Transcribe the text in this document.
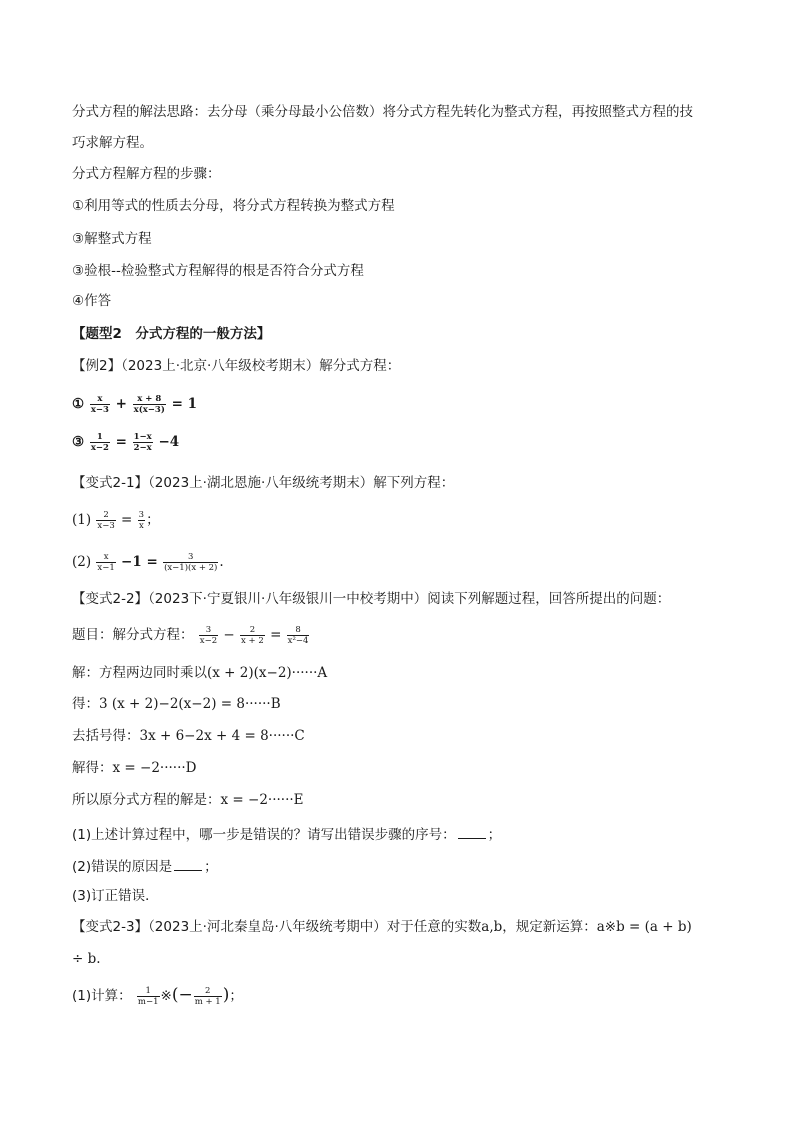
分式方程的解法思路：去分母（乘分母最小公倍数）将分式方程先转化为整式方程，再按照整式方程的技
巧求解方程。
分式方程解方程的步骤：
①利用等式的性质去分母，将分式方程转换为整式方程
③解整式方程
③验根--检验整式方程解得的根是否符合分式方程
④作答
【题型2　分式方程的一般方法】
【例2】（2023上·北京·八年级校考期末）解分式方程：
① $\frac{x}{x-3} + \frac{x + 8}{x(x-3)} = 1$
③ $\frac{1}{x-2} = \frac{1-x}{2-x} -4$
【变式2-1】（2023上·湖北恩施·八年级统考期末）解下列方程：
$(1) \frac{2}{x-3} = \frac{3}{x}$ ；
$(2) \frac{x}{x-1} -1 = \frac{3}{(x-1)(x + 2)}$ .
【变式2-2】（2023下·宁夏银川·八年级银川一中校考期中）阅读下列解题过程，回答所提出的问题：
题目：解分式方程： $\frac{3}{x-2} - \frac{2}{x + 2} = \frac{8}{\text{x²−4}}$
解：方程两边同时乘以(x + 2)(x−2)······A
得：3 (x + 2)−2(x−2) = 8······B
去括号得：3x + 6−2x + 4 = 8······C
解得：x = −2······D
所以原分式方程的解是：x = −2······E
(1)上述计算过程中，哪一步是错误的？请写出错误步骤的序号： ；
(2)错误的原因是 ；
(3)订正错误．
【变式2-3】（2023上·河北秦皇岛·八年级统考期中）对于任意的实数a,b，规定新运算：a※b = (a + b)
÷ b.
(1)计算： $\frac{1}{m-1}$ ※(− $\frac{2}{m + 1}$ )；
